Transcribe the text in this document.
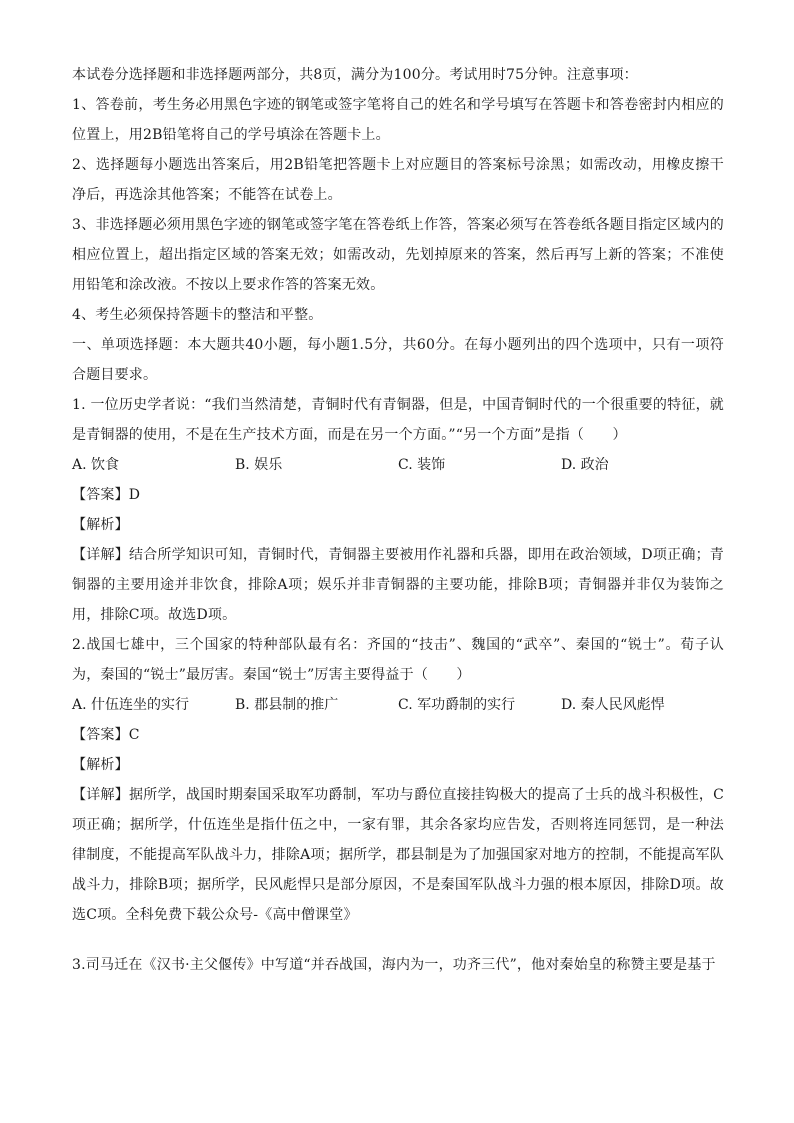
本试卷分选择题和非选择题两部分，共8页，满分为100分。考试用时75分钟。注意事项：

1、答卷前，考生务必用黑色字迹的钢笔或签字笔将自己的姓名和学号填写在答题卡和答卷密封内相应的位置上，用2B铅笔将自己的学号填涂在答题卡上。

2、选择题每小题选出答案后，用2B铅笔把答题卡上对应题目的答案标号涂黑；如需改动，用橡皮擦干净后，再选涂其他答案；不能答在试卷上。

3、非选择题必须用黑色字迹的钢笔或签字笔在答卷纸上作答，答案必须写在答卷纸各题目指定区域内的相应位置上，超出指定区域的答案无效；如需改动，先划掉原来的答案，然后再写上新的答案；不准使用铅笔和涂改液。不按以上要求作答的答案无效。

4、考生必须保持答题卡的整洁和平整。

一、单项选择题：本大题共40小题，每小题1.5分，共60分。在每小题列出的四个选项中，只有一项符合题目要求。

1. 一位历史学者说：“我们当然清楚，青铜时代有青铜器，但是，中国青铜时代的一个很重要的特征，就是青铜器的使用，不是在生产技术方面，而是在另一个方面。”“另一个方面”是指（　　）

A. 饮食	B. 娱乐	C. 装饰	D. 政治

【答案】D

【解析】

【详解】结合所学知识可知，青铜时代，青铜器主要被用作礼器和兵器，即用在政治领域，D项正确；青铜器的主要用途并非饮食，排除A项；娱乐并非青铜器的主要功能，排除B项；青铜器并非仅为装饰之用，排除C项。故选D项。

2.战国七雄中，三个国家的特种部队最有名：齐国的“技击”、魏国的“武卒”、秦国的“锐士”。荀子认为，秦国的“锐士”最厉害。秦国“锐士”厉害主要得益于（　　）

A. 什伍连坐的实行	B. 郡县制的推广	C. 军功爵制的实行	D. 秦人民风彪悍

【答案】C

【解析】

【详解】据所学，战国时期秦国采取军功爵制，军功与爵位直接挂钩极大的提高了士兵的战斗积极性，C项正确；据所学，什伍连坐是指什伍之中，一家有罪，其余各家均应告发，否则将连同惩罚，是一种法律制度，不能提高军队战斗力，排除A项；据所学，郡县制是为了加强国家对地方的控制，不能提高军队战斗力，排除B项；据所学，民风彪悍只是部分原因，不是秦国军队战斗力强的根本原因，排除D项。故选C项。全科免费下载公众号-《高中僧课堂》

3.司马迁在《汉书·主父偃传》中写道“并吞战国，海内为一，功齐三代”，他对秦始皇的称赞主要是基于
